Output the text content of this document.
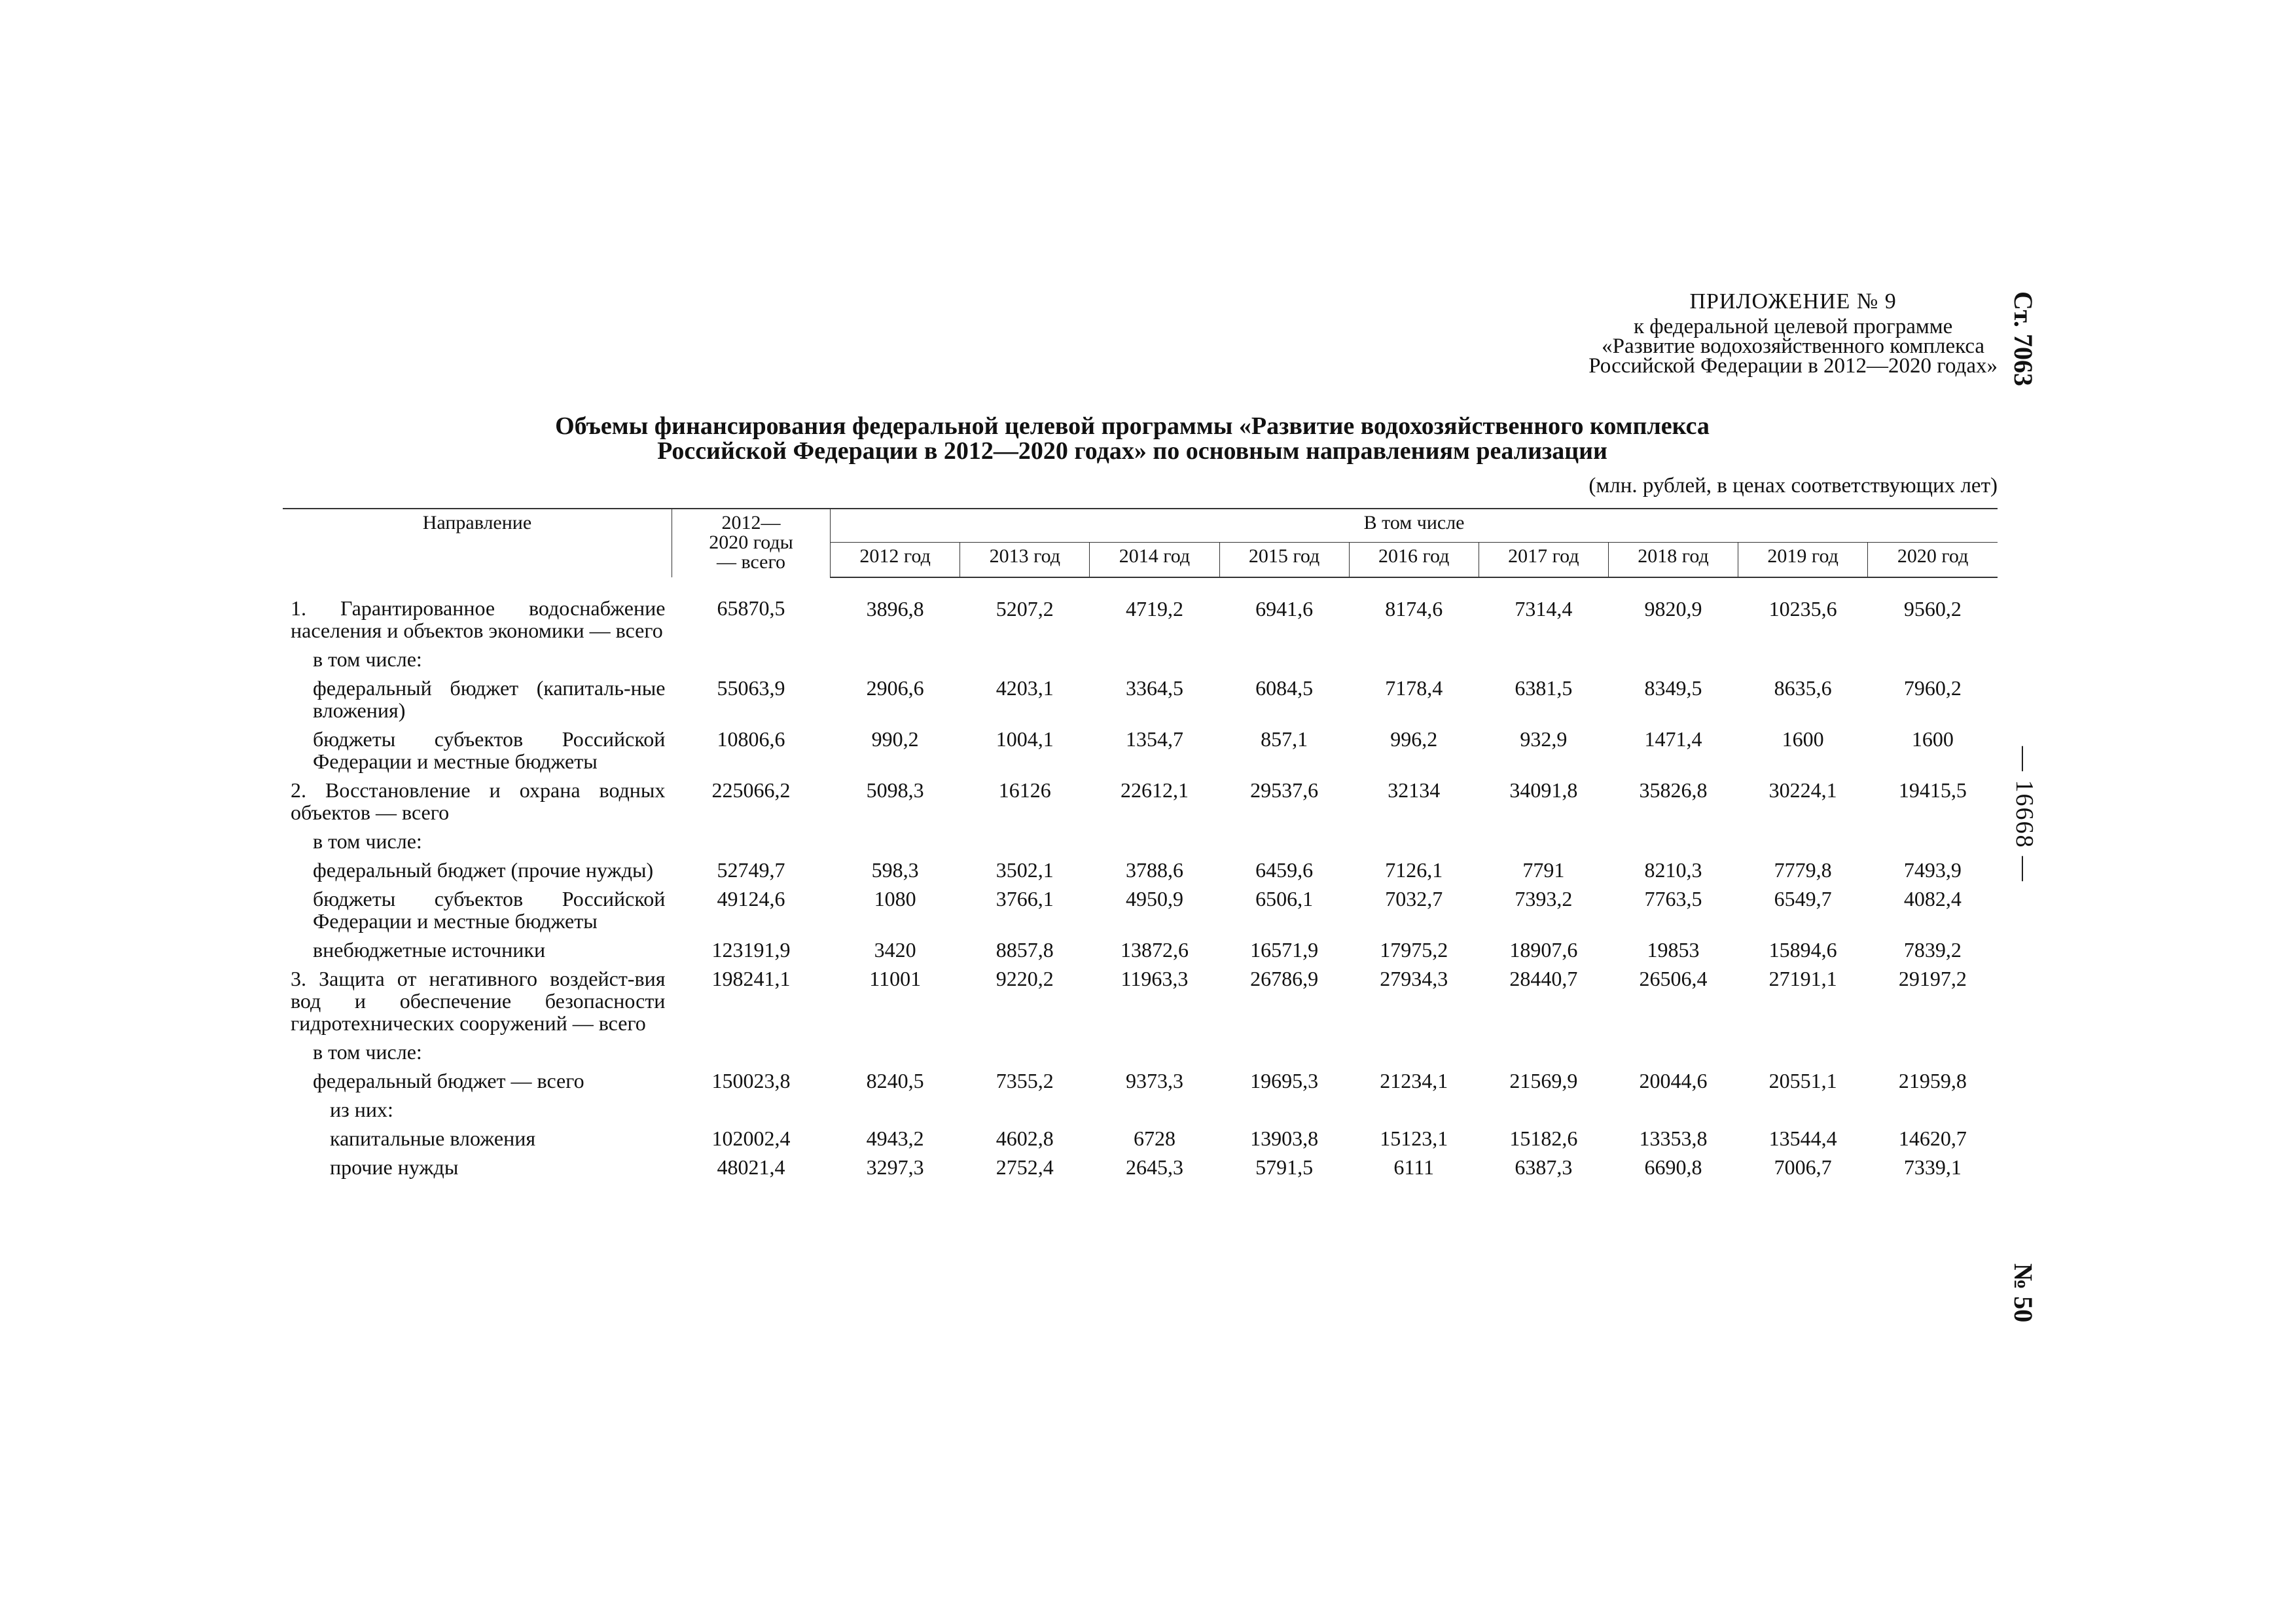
ПРИЛОЖЕНИЕ № 9
к федеральной целевой программе
«Развитие водохозяйственного комплекса
Российской Федерации в 2012—2020 годах» Ст. 7063
— 16668 —
№ 50
Объемы финансирования федеральной целевой программы «Развитие водохозяйственного комплекса
Российской Федерации в 2012—2020 годах» по основным направлениям реализации
(млн. рублей, в ценах соответствующих лет)
Направление	2012— 2020 годы — всего	В том числе								
		2012 год	2013 год	2014 год	2015 год	2016 год	2017 год	2018 год	2019 год	2020 год
1. Гарантированное водоснабжение населения и объектов экономики — всего	65870,5	3896,8	5207,2	4719,2	6941,6	8174,6	7314,4	9820,9	10235,6	9560,2
в том числе:										
федеральный бюджет (капиталь-ные вложения)	55063,9	2906,6	4203,1	3364,5	6084,5	7178,4	6381,5	8349,5	8635,6	7960,2
бюджеты субъектов Российской Федерации и местные бюджеты	10806,6	990,2	1004,1	1354,7	857,1	996,2	932,9	1471,4	1600	1600
2. Восстановление и охрана водных объектов — всего	225066,2	5098,3	16126	22612,1	29537,6	32134	34091,8	35826,8	30224,1	19415,5
в том числе:										
федеральный бюджет (прочие нужды)	52749,7	598,3	3502,1	3788,6	6459,6	7126,1	7791	8210,3	7779,8	7493,9
бюджеты субъектов Российской Федерации и местные бюджеты	49124,6	1080	3766,1	4950,9	6506,1	7032,7	7393,2	7763,5	6549,7	4082,4
внебюджетные источники	123191,9	3420	8857,8	13872,6	16571,9	17975,2	18907,6	19853	15894,6	7839,2
3. Защита от негативного воздейст-вия вод и обеспечение безопасности гидротехнических сооружений — всего	198241,1	11001	9220,2	11963,3	26786,9	27934,3	28440,7	26506,4	27191,1	29197,2
в том числе:										
федеральный бюджет — всего	150023,8	8240,5	7355,2	9373,3	19695,3	21234,1	21569,9	20044,6	20551,1	21959,8
из них:										
капитальные вложения	102002,4	4943,2	4602,8	6728	13903,8	15123,1	15182,6	13353,8	13544,4	14620,7
прочие нужды	48021,4	3297,3	2752,4	2645,3	5791,5	6111	6387,3	6690,8	7006,7	7339,1
